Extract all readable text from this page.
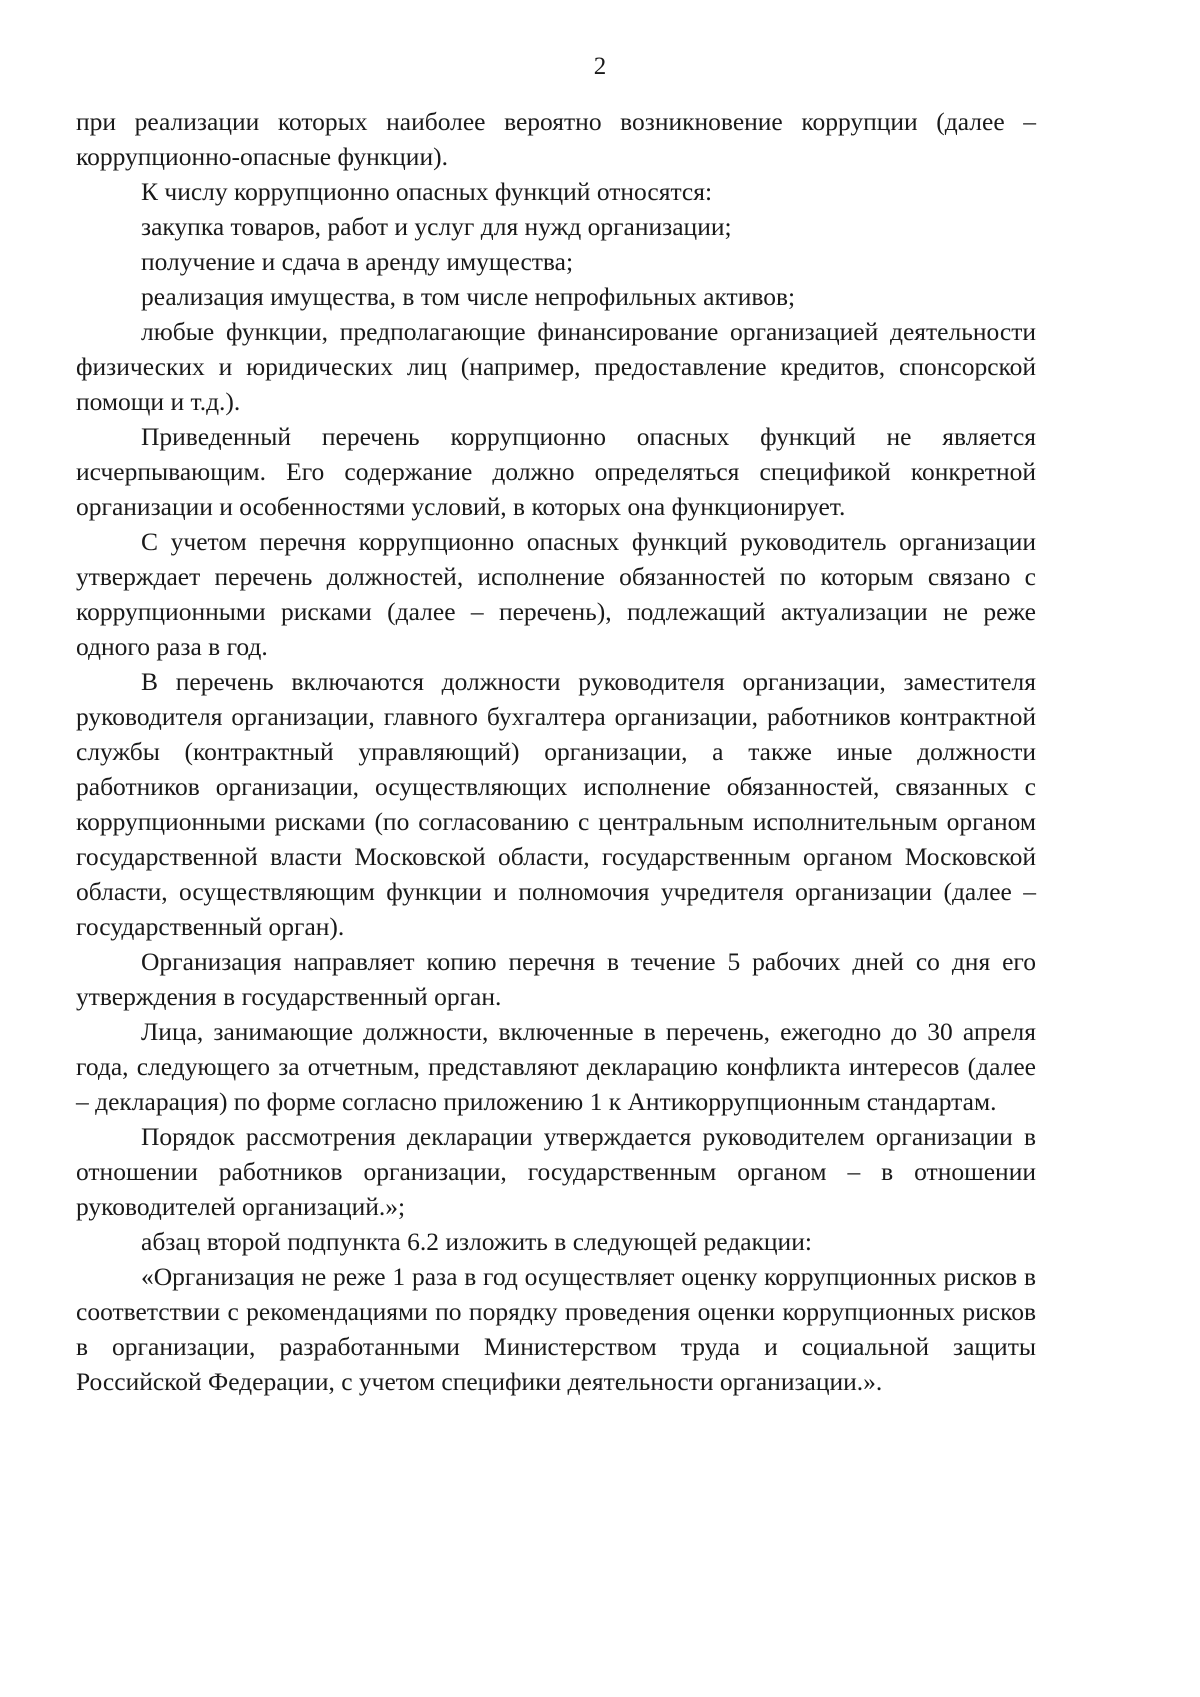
2

при реализации которых наиболее вероятно возникновение коррупции (далее – коррупционно-опасные функции).

К числу коррупционно опасных функций относятся:

закупка товаров, работ и услуг для нужд организации;

получение и сдача в аренду имущества;

реализация имущества, в том числе непрофильных активов;

любые функции, предполагающие финансирование организацией деятельности физических и юридических лиц (например, предоставление кредитов, спонсорской помощи и т.д.).

Приведенный перечень коррупционно опасных функций не является исчерпывающим. Его содержание должно определяться спецификой конкретной организации и особенностями условий, в которых она функционирует.

С учетом перечня коррупционно опасных функций руководитель организации утверждает перечень должностей, исполнение обязанностей по которым связано с коррупционными рисками (далее – перечень), подлежащий актуализации не реже одного раза в год.

В перечень включаются должности руководителя организации, заместителя руководителя организации, главного бухгалтера организации, работников контрактной службы (контрактный управляющий) организации, а также иные должности работников организации, осуществляющих исполнение обязанностей, связанных с коррупционными рисками (по согласованию с центральным исполнительным органом государственной власти Московской области, государственным органом Московской области, осуществляющим функции и полномочия учредителя организации (далее – государственный орган).

Организация направляет копию перечня в течение 5 рабочих дней со дня его утверждения в государственный орган.

Лица, занимающие должности, включенные в перечень, ежегодно до 30 апреля года, следующего за отчетным, представляют декларацию конфликта интересов (далее – декларация) по форме согласно приложению 1 к Антикоррупционным стандартам.

Порядок рассмотрения декларации утверждается руководителем организации в отношении работников организации, государственным органом – в отношении руководителей организаций.»;

абзац второй подпункта 6.2 изложить в следующей редакции:

«Организация не реже 1 раза в год осуществляет оценку коррупционных рисков в соответствии с рекомендациями по порядку проведения оценки коррупционных рисков в организации, разработанными Министерством труда и социальной защиты Российской Федерации, с учетом специфики деятельности организации.».
